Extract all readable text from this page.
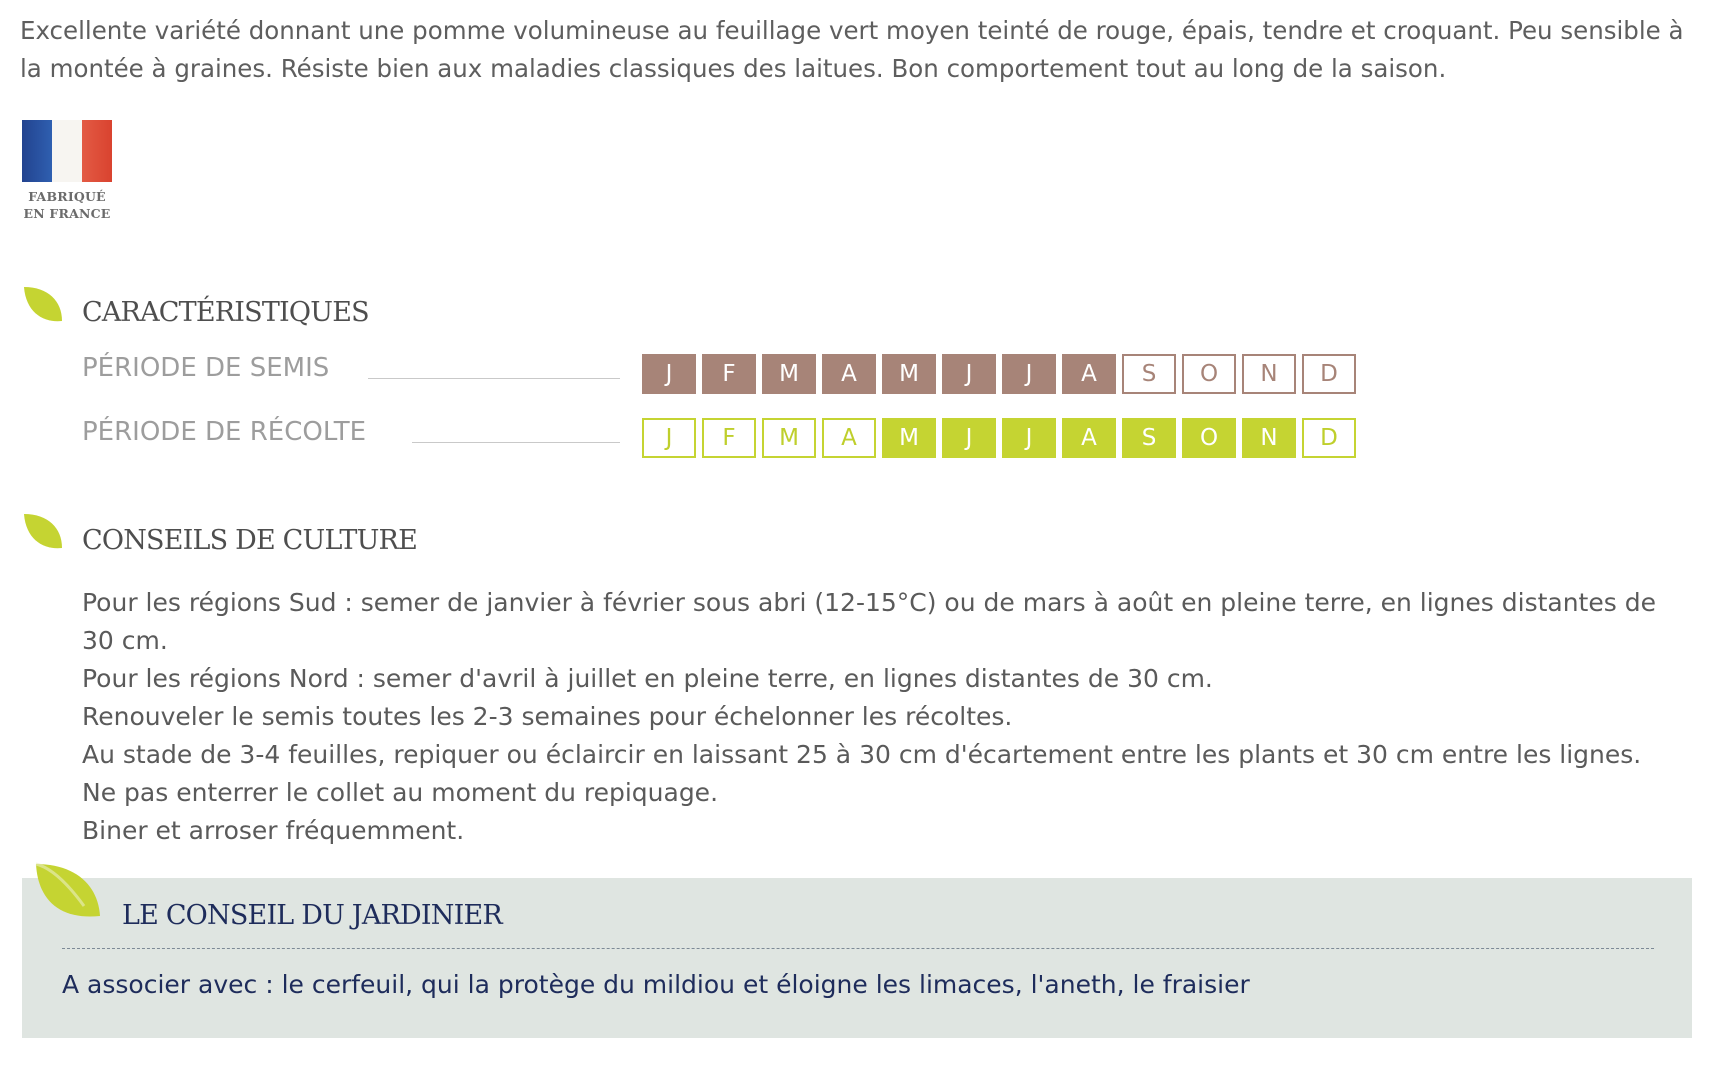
Excellente variété donnant une pomme volumineuse au feuillage vert moyen teinté de rouge, épais, tendre et croquant. Peu sensible à la montée à graines. Résiste bien aux maladies classiques des laitues. Bon comportement tout au long de la saison.

FABRIQUÉ
EN FRANCE
CARACTÉRISTIQUES
PÉRIODE DE SEMIS	J	F	M	A	M	J	J	A	S	O	N	D
PÉRIODE DE RÉCOLTE	J	F	M	A	M	J	J	A	S	O	N	D
CONSEILS DE CULTURE

Pour les régions Sud : semer de janvier à février sous abri (12-15°C) ou de mars à août en pleine terre, en lignes distantes de 30 cm.

Pour les régions Nord : semer d'avril à juillet en pleine terre, en lignes distantes de 30 cm.

Renouveler le semis toutes les 2-3 semaines pour échelonner les récoltes.

Au stade de 3-4 feuilles, repiquer ou éclaircir en laissant 25 à 30 cm d'écartement entre les plants et 30 cm entre les lignes.

Ne pas enterrer le collet au moment du repiquage.

Biner et arroser fréquemment.

LE CONSEIL DU JARDINIER

A associer avec : le cerfeuil, qui la protège du mildiou et éloigne les limaces, l'aneth, le fraisier
